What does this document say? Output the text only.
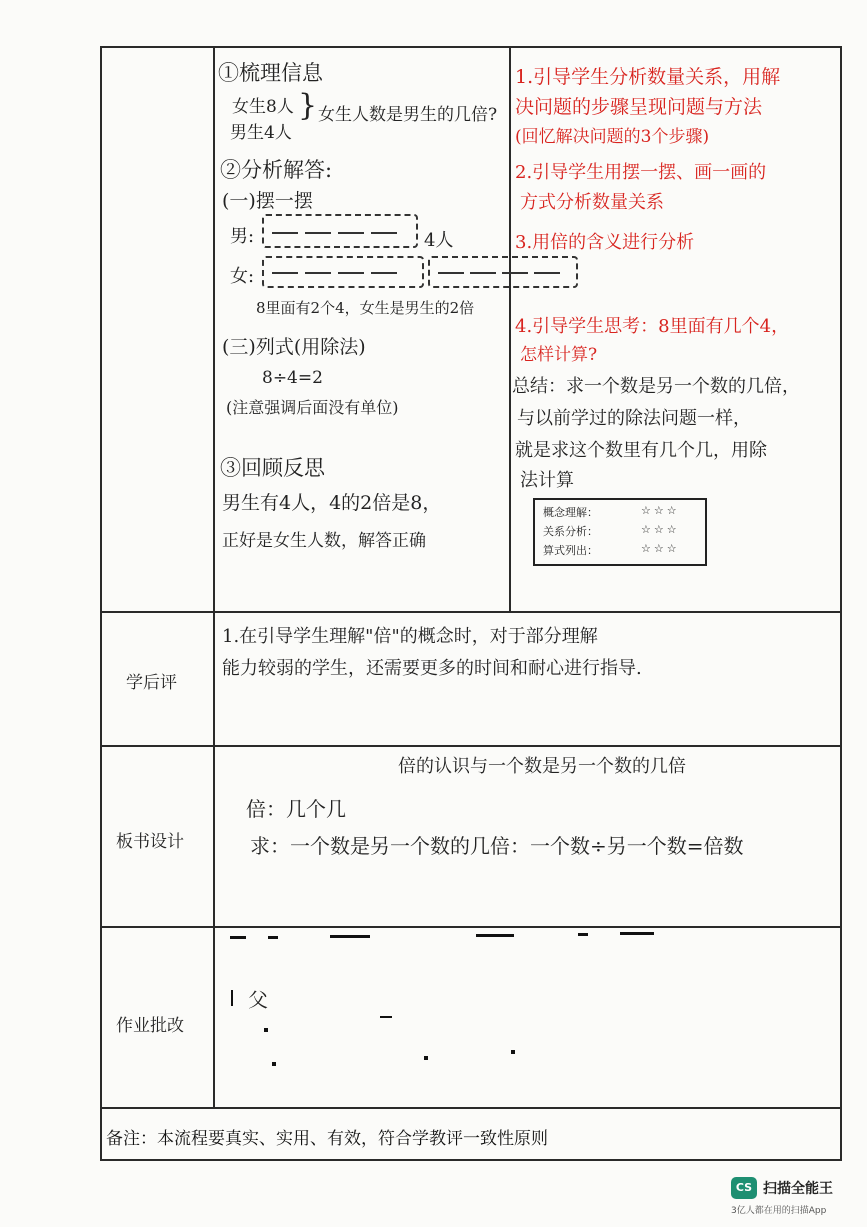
①梳理信息
女生8人
男生4人
} 女生人数是男生的几倍?
②分析解答:
(一)摆一摆
男:	4人
女:
8里面有2个4，女生是男生的2倍
(三)列式(用除法)
8÷4=2
(注意强调后面没有单位)
③回顾反思
男生有4人，4的2倍是8，
正好是女生人数，解答正确
1.引导学生分析数量关系，用解
决问题的步骤呈现问题与方法
(回忆解决问题的3个步骤)
2.引导学生用摆一摆、画一画的
方式分析数量关系
3.用倍的含义进行分析
4.引导学生思考：8里面有几个4，
怎样计算?
总结：求一个数是另一个数的几倍，
与以前学过的除法问题一样，
就是求这个数里有几个几，用除
法计算
概念理解：	☆☆☆
关系分析：	☆☆☆
算式列出：	☆☆☆
学后评
1.在引导学生理解"倍"的概念时，对于部分理解
能力较弱的学生，还需要更多的时间和耐心进行指导.
板书设计
倍的认识与一个数是另一个数的几倍
倍：几个几
求：一个数是另一个数的几倍：一个数÷另一个数=倍数
作业批改
父
备注：本流程要真实、实用、有效，符合学教评一致性原则
CS 扫描全能王
3亿人都在用的扫描App
